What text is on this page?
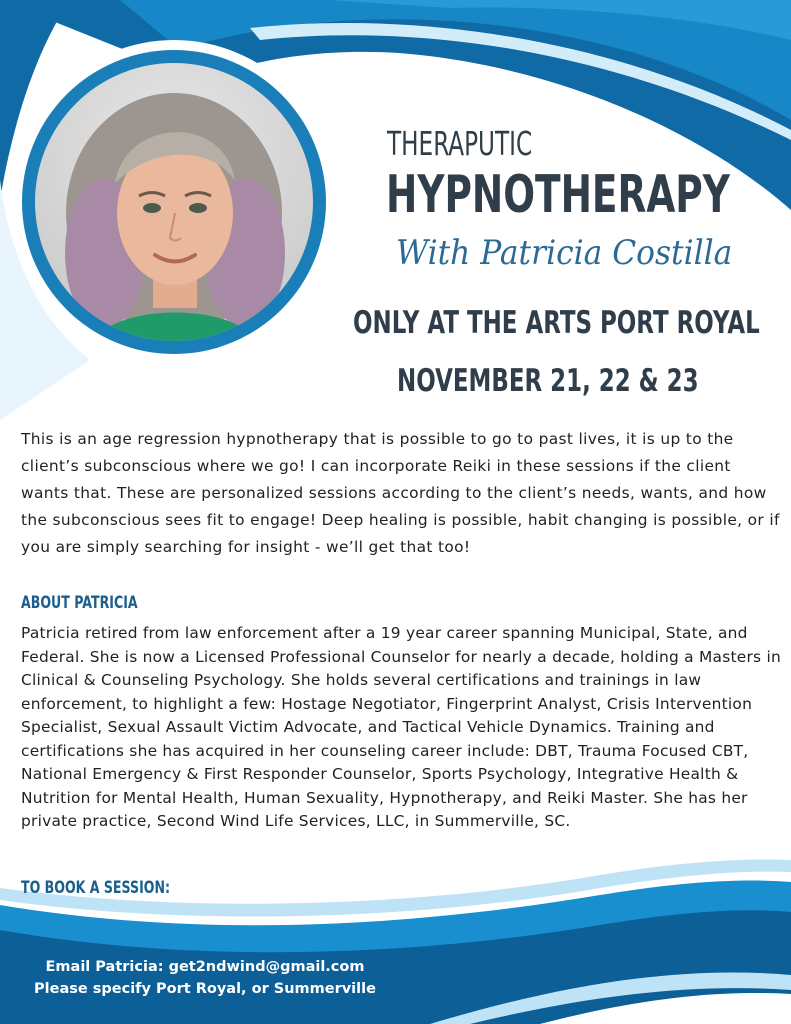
THERAPUTIC
HYPNOTHERAPY
With Patricia Costilla
ONLY AT THE ARTS PORT ROYAL
NOVEMBER 21, 22 & 23

This is an age regression hypnotherapy that is possible to go to past lives, it is up to the client’s subconscious where we go! I can incorporate Reiki in these sessions if the client wants that. These are personalized sessions according to the client’s needs, wants, and how the subconscious sees fit to engage! Deep healing is possible, habit changing is possible, or if you are simply searching for insight - we’ll get that too!

ABOUT PATRICIA

Patricia retired from law enforcement after a 19 year career spanning Municipal, State, and Federal. She is now a Licensed Professional Counselor for nearly a decade, holding a Masters in Clinical & Counseling Psychology. She holds several certifications and trainings in law enforcement, to highlight a few: Hostage Negotiator, Fingerprint Analyst, Crisis Intervention Specialist, Sexual Assault Victim Advocate, and Tactical Vehicle Dynamics. Training and certifications she has acquired in her counseling career include: DBT, Trauma Focused CBT, National Emergency & First Responder Counselor, Sports Psychology, Integrative Health & Nutrition for Mental Health, Human Sexuality, Hypnotherapy, and Reiki Master. She has her private practice, Second Wind Life Services, LLC, in Summerville, SC.

TO BOOK A SESSION:
Email Patricia: get2ndwind@gmail.com
Please specify Port Royal, or Summerville
